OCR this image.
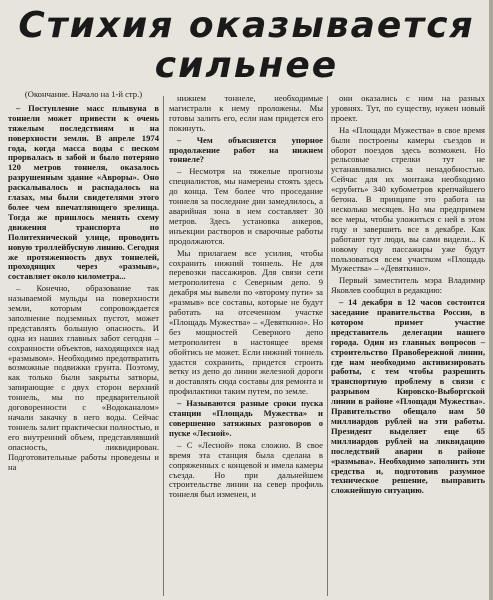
Стихия оказывается
сильнее

(Окончание. Начало на 1-й стр.)

– Поступление масс плывуна в тоннели может привести к очень тяжелым последствиям и на поверхности земли. В апреле 1974 года, когда масса воды с песком прорвалась в забой и было потеряно 120 метров тоннеля, оказалось разрушенным здание «Авроры». Оно раскалывалось и распадалось на глазах, мы были свидетелями этого более чем впечатляющего зрелища. Тогда же пришлось менять схему движения транспорта по Политехнической улице, проводить новую троллейбусную линию. Сегодня же протяженность двух тоннелей, проходящих через «размыв», составляет около километра...

– Конечно, образование так называемой мульды на поверхности земли, которым сопровождается заполнение подземных пустот, может представлять большую опасность. И одна из наших главных забот сегодня – сохранности объектов, находящихся над «размывом». Необходимо предотвратить возможные подвижки грунта. Поэтому, как только были закрыты затворы, запирающие с двух сторон верхний тоннель, мы по предварительной договоренности с «Водоканалом» начали закачку в него воды. Сейчас тоннель залит практически полностью, и его внутренний объем, представлявший опасность, ликвидирован. Подготовительные работы проведены и на

нижнем тоннеле, необходимые магистрали к нему проложены. Мы готовы залить его, если нам придется его покинуть.

– Чем объясняется упорное продолжение работ на нижнем тоннеле?

– Несмотря на тяжелые прогнозы специалистов, мы намерены стоять здесь до конца. Тем более что проседание тоннеля за последние дни замедлилось, а аварийная зона в нем составляет 30 метров. Здесь установка анкеров, инъекции растворов и сварочные работы продолжаются.

Мы прилагаем все усилия, чтобы сохранить нижний тоннель. Не для перевозки пассажиров. Для связи сети метрополитена с Северным депо. 9 декабря мы вывели по «второму пути» за «размыв» все составы, которые не будут работать на отсеченном участке «Площадь Мужества» – «Девяткино». Но без мощностей Северного депо метрополитен в настоящее время обойтись не может. Если нижний тоннель удастся сохранить, придется строить ветку из депо до линии железной дороги и доставлять сюда составы для ремонта и профилактики таким путем, по земле.

– Называются разные сроки пуска станции «Площадь Мужества» и совершенно затяжных разговоров о пуске «Лесной».

– С «Лесной» пока сложно. В свое время эта станция была сделана в сопряженных с концевой и имела камеры съезда. Но при дальнейшем строительстве линии на север профиль тоннеля был изменен, и

они оказались с ним на разных уровнях. Тут, по существу, нужен новый проект.

На «Площади Мужества» в свое время были построены камеры съездов и оборот поездов здесь возможен. Но рельсовые стрелки тут не устанавливались за ненадобностью. Сейчас для их монтажа необходимо «срубить» 340 кубометров крепчайшего бетона. В принципе это работа на несколько месяцев. Но мы предпримем все меры, чтобы уложиться с ней в этом году и завершить все в декабре. Как работают тут люди, вы сами видели... К новому году пассажиры уже будут пользоваться всем участком «Площадь Мужества» – «Девяткино».

Первый заместитель мэра Владимир Яковлев сообщил в редакцию:

– 14 декабря в 12 часов состоится заседание правительства России, в котором примет участие представитель делегации нашего города. Один из главных вопросов – строительство Правобережной линии, где нам необходимо активизировать работы, с тем чтобы разрешить транспортную проблему в связи с разрывом Кировско-Выборгской линии в районе «Площади Мужества». Правительство обещало нам 50 миллиардов рублей на эти работы. Президент выделяет еще 65 миллиардов рублей на ликвидацию последствий аварии в районе «размыва». Необходимо заполнить эти средства и, подготовив разумное техническое решение, выправить сложнейшую ситуацию.
